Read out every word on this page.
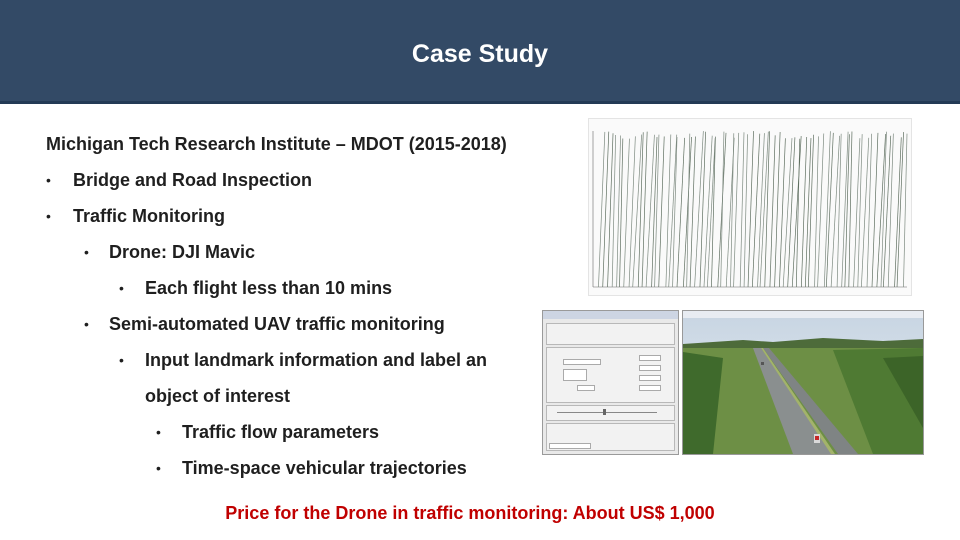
Case Study
Michigan Tech Research Institute – MDOT (2015-2018)
• Bridge and Road Inspection
• Traffic Monitoring
• Drone: DJI Mavic
• Each flight less than 10 mins
• Semi-automated UAV traffic monitoring
• Input landmark information and label an
object of interest
• Traffic flow parameters
• Time-space vehicular trajectories
Price for the Drone in traffic monitoring: About US$ 1,000
